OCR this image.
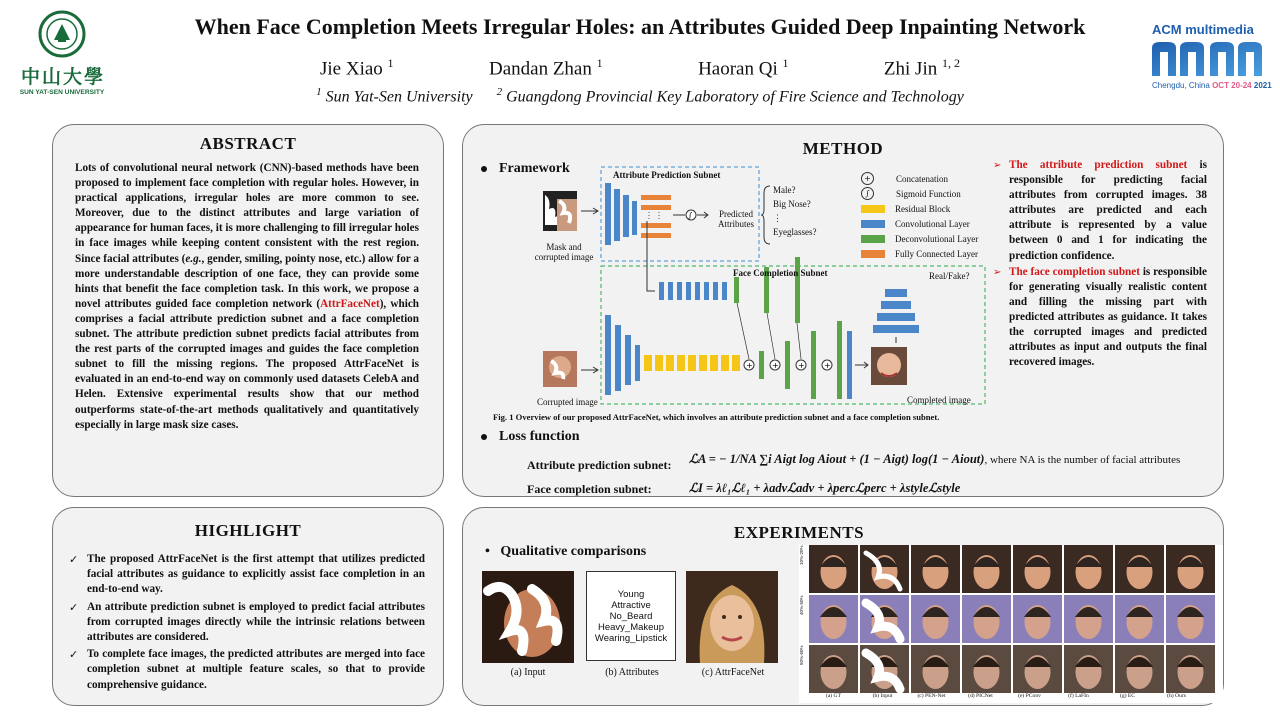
中山大學
SUN YAT-SEN UNIVERSITY
When Face Completion Meets Irregular Holes: an Attributes Guided Deep Inpainting Network
Jie Xiao $^1$	Dandan Zhan $^1$	Haoran Qi $^1$	Zhi Jin $^{1, 2}$
$^1$ Sun Yat-Sen University $^2$ Guangdong Provincial Key Laboratory of Fire Science and Technology
ACM multimedia
Chengdu, China OCT 20-24 2021
ABSTRACT
Lots of convolutional neural network (CNN)-based methods have been proposed to implement face completion with regular holes. However, in practical applications, irregular holes are more common to see. Moreover, due to the distinct attributes and large variation of appearance for human faces, it is more challenging to fill irregular holes in face images while keeping content consistent with the rest region. Since facial attributes (e.g., gender, smiling, pointy nose, etc.) allow for a more understandable description of one face, they can provide some hints that benefit the face completion task. In this work, we propose a novel attributes guided face completion network (AttrFaceNet), which comprises a facial attribute prediction subnet and a face completion subnet. The attribute prediction subnet predicts facial attributes from the rest parts of the corrupted images and guides the face completion subnet to fill the missing regions. The proposed AttrFaceNet is evaluated in an end-to-end way on commonly used datasets CelebA and Helen. Extensive experimental results show that our method outperforms state-of-the-art methods qualitatively and quantitatively especially in large mask size cases.
HIGHLIGHT
✓ The proposed AttrFaceNet is the first attempt that utilizes predicted facial attributes as guidance to explicitly assist face completion in an end-to-end way.
✓ An attribute prediction subnet is employed to predict facial attributes from corrupted images directly while the intrinsic relations between attributes are considered.
✓ To complete face images, the predicted attributes are merged into face completion subnet at multiple feature scales, so that to provide comprehensive guidance.
METHOD
Framework
∫
+ + + +
Attribute Prediction Subnet
Face Completion Subnet
Mask and corrupted image
Corrupted image	Completed image
Predicted Attributes
Real/Fake?
Male?
Big Nose?
⋮
Eyeglasses?
+	Concatenation
∫	Sigmoid Function
Residual Block
Convolutional Layer
Deconvolutional Layer
Fully Connected Layer
Fig. 1 Overview of our proposed AttrFaceNet, which involves an attribute prediction subnet and a face completion subnet.
➢ The attribute prediction subnet is responsible for predicting facial attributes from corrupted images. 38 attributes are predicted and each attribute is represented by a value between 0 and 1 for indicating the prediction confidence.
➢ The face completion subnet is responsible for generating visually realistic content and filling the missing part with predicted attributes as guidance. It takes the corrupted images and predicted attributes as input and outputs the final recovered images.
Loss function
Attribute prediction subnet: ℒA = − 1/NA ∑i Aigt log Aiout + (1 − Aigt) log(1 − Aiout), where NA is the number of facial attributes
Face completion subnet:	ℒI = λℓ₁ℒℓ₁ + λadvℒadv + λpercℒperc + λstyleℒstyle
EXPERIMENTS
•   Qualitative comparisons
Young
Attractive
No_Beard
Heavy_Makeup
Wearing_Lipstick
(a) Input	(b) Attributes	(c) AttrFaceNet
10%-20%
40%-50%
50%-60%
(a) GT	(b) Input	(c) PEN-Net	(d) PICNet	(e) PConv	(f) LaFIn	(g) EC	(h) Ours
